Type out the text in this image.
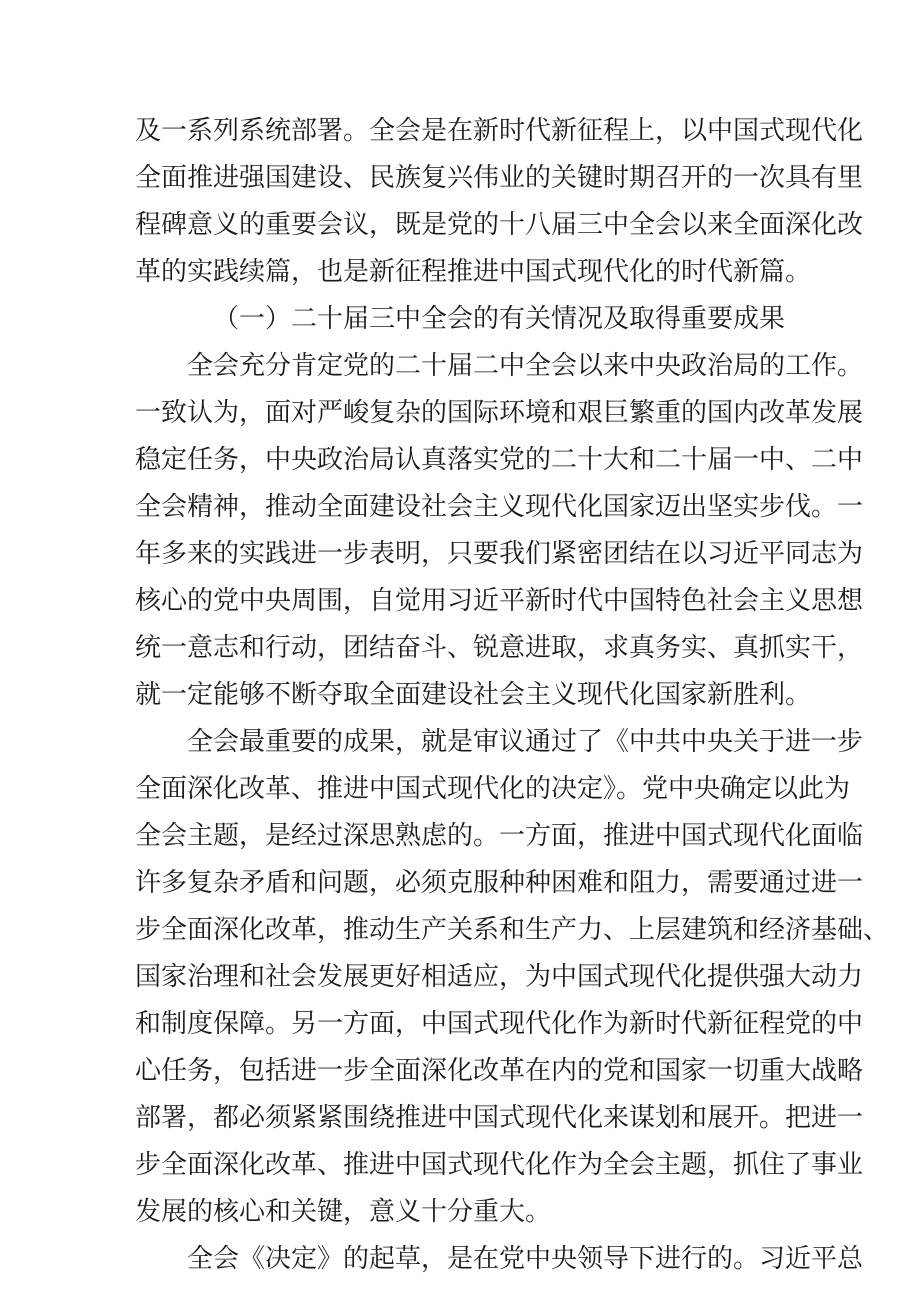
及一系列系统部署。全会是在新时代新征程上，以中国式现代化
全面推进强国建设、民族复兴伟业的关键时期召开的一次具有里
程碑意义的重要会议，既是党的十八届三中全会以来全面深化改
革的实践续篇，也是新征程推进中国式现代化的时代新篇。
（一）二十届三中全会的有关情况及取得重要成果
全会充分肯定党的二十届二中全会以来中央政治局的工作。
一致认为，面对严峻复杂的国际环境和艰巨繁重的国内改革发展
稳定任务，中央政治局认真落实党的二十大和二十届一中、二中
全会精神，推动全面建设社会主义现代化国家迈出坚实步伐。一
年多来的实践进一步表明，只要我们紧密团结在以习近平同志为
核心的党中央周围，自觉用习近平新时代中国特色社会主义思想
统一意志和行动，团结奋斗、锐意进取，求真务实、真抓实干，
就一定能够不断夺取全面建设社会主义现代化国家新胜利。
全会最重要的成果，就是审议通过了《中共中央关于进一步
全面深化改革、推进中国式现代化的决定》。党中央确定以此为
全会主题，是经过深思熟虑的。一方面，推进中国式现代化面临
许多复杂矛盾和问题，必须克服种种困难和阻力，需要通过进一
步全面深化改革，推动生产关系和生产力、上层建筑和经济基础、
国家治理和社会发展更好相适应，为中国式现代化提供强大动力
和制度保障。另一方面，中国式现代化作为新时代新征程党的中
心任务，包括进一步全面深化改革在内的党和国家一切重大战略
部署，都必须紧紧围绕推进中国式现代化来谋划和展开。把进一
步全面深化改革、推进中国式现代化作为全会主题，抓住了事业
发展的核心和关键，意义十分重大。
全会《决定》的起草，是在党中央领导下进行的。习近平总
